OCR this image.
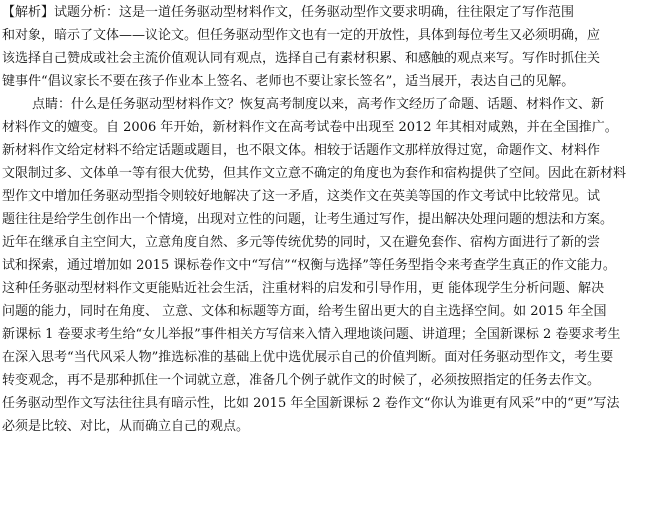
【解析】试题分析：这是一道任务驱动型材料作文，任务驱动型作文要求明确，往往限定了写作范围
和对象，暗示了文体——议论文。但任务驱动型作文也有一定的开放性，具体到每位考生又必须明确，应
该选择自己赞成或社会主流价值观认同有观点，选择自己有素材积累、和感触的观点来写。写作时抓住关
键事件“倡议家长不要在孩子作业本上签名、老师也不要让家长签名”，适当展开，表达自己的见解。
点睛：什么是任务驱动型材料作文？恢复高考制度以来，高考作文经历了命题、话题、材料作文、新
材料作文的嬗变。自 2006 年开始，新材料作文在高考试卷中出现至 2012 年其相对咸熟，并在全国推广。
新材料作文给定材料不给定话题或题目，也不限文体。相较于话题作文那样放得过宽，命题作文、材料作
文限制过多、文体单一等有很大优势，但其作文立意不确定的角度也为套作和宿构提供了空间。因此在新材料
型作文中增加任务驱动型指令则较好地解决了这一矛盾，这类作文在英美等国的作文考试中比较常见。试
题往往是给学生创作出一个情境，出现对立性的问题，让考生通过写作，提出解决处理问题的想法和方案。
近年在继承自主空间大，立意角度自然、多元等传统优势的同时，又在避免套作、宿构方面进行了新的尝
试和探索，通过增加如 2015 课标卷作文中“写信”“权衡与选择”等任务型指令来考查学生真正的作文能力。
这种任务驱动型材料作文更能贴近社会生活，注重材料的启发和引导作用，更 能体现学生分析问题、解决
问题的能力，同时在角度、 立意、文体和标题等方面，给考生留出更大的自主选择空间。如 2015 年全国
新课标 1 卷要求考生给“女儿举报”事件相关方写信来入情入理地谈问题、讲道理；全国新课标 2 卷要求考生
在深入思考“当代风采人物”推选标准的基础上优中选优展示自己的价值判断。面对任务驱动型作文，考生要
转变观念，再不是那种抓住一个词就立意，准备几个例子就作文的时候了，必须按照指定的任务去作文。
任务驱动型作文写法往往具有暗示性，比如 2015 年全国新课标 2 卷作文“你认为谁更有风采”中的“更”写法
必须是比较、对比，从而确立自己的观点。
